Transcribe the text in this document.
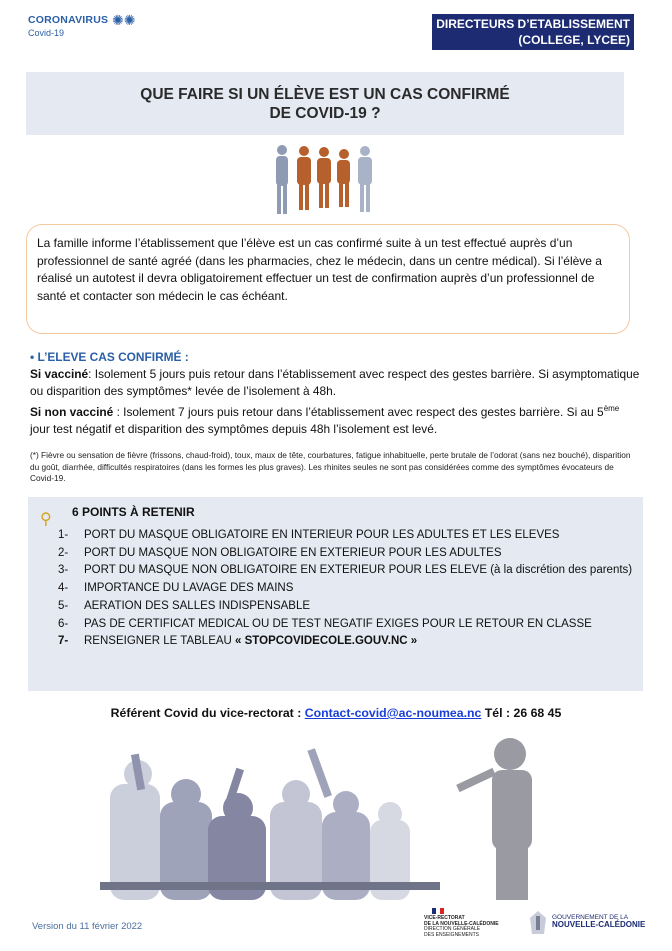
CORONAVIRUS
Covid-19
✺✺	DIRECTEURS D’ETABLISSEMENT
(COLLEGE, LYCEE)
QUE FAIRE SI UN ÉLÈVE EST UN CAS CONFIRMÉ
DE COVID-19 ?
La famille informe l’établissement que l’élève est un cas confirmé suite à un test effectué auprès d’un professionnel de santé agréé (dans les pharmacies, chez le médecin, dans un centre médical). Si l’élève a réalisé un autotest il devra obligatoirement effectuer un test de confirmation auprès d’un professionnel de santé et contacter son médecin le cas échéant.
• L’ELEVE CAS CONFIRMÉ :
Si vacciné: Isolement 5 jours puis retour dans l’établissement avec respect des gestes barrière. Si asymptomatique ou disparition des symptômes* levée de l’isolement à 48h.
Si non vacciné : Isolement 7 jours puis retour dans l’établissement avec respect des gestes barrière. Si au 5ème jour test négatif et disparition des symptômes depuis 48h l’isolement est levé.
(*) Fièvre ou sensation de fièvre (frissons, chaud-froid), toux, maux de tête, courbatures, fatigue inhabituelle, perte brutale de l’odorat (sans nez bouché), disparition du goût, diarrhée, difficultés respiratoires (dans les formes les plus graves). Les rhinites seules ne sont pas considérées comme des symptômes évocateurs de Covid-19.
⚲ 6 POINTS À RETENIR
1- PORT DU MASQUE OBLIGATOIRE EN INTERIEUR POUR LES ADULTES ET LES ELEVES
2- PORT DU MASQUE NON OBLIGATOIRE EN EXTERIEUR POUR LES ADULTES
3- PORT DU MASQUE NON OBLIGATOIRE EN EXTERIEUR POUR LES ELEVE (à la discrétion des parents)
4- IMPORTANCE DU LAVAGE DES MAINS
5- AERATION DES SALLES INDISPENSABLE
6- PAS DE CERTIFICAT MEDICAL OU DE TEST NEGATIF EXIGES POUR LE RETOUR EN CLASSE
7- RENSEIGNER LE TABLEAU « STOPCOVIDECOLE.GOUV.NC »
Référent Covid du vice-rectorat : Contact-covid@ac-noumea.nc Tél : 26 68 45
Version du 11 février 2022
VICE-RECTORAT
DE LA NOUVELLE-CALÉDONIE
DIRECTION GÉNÉRALE
DES ENSEIGNEMENTS
GOUVERNEMENT DE LA
NOUVELLE-CALÉDONIE
